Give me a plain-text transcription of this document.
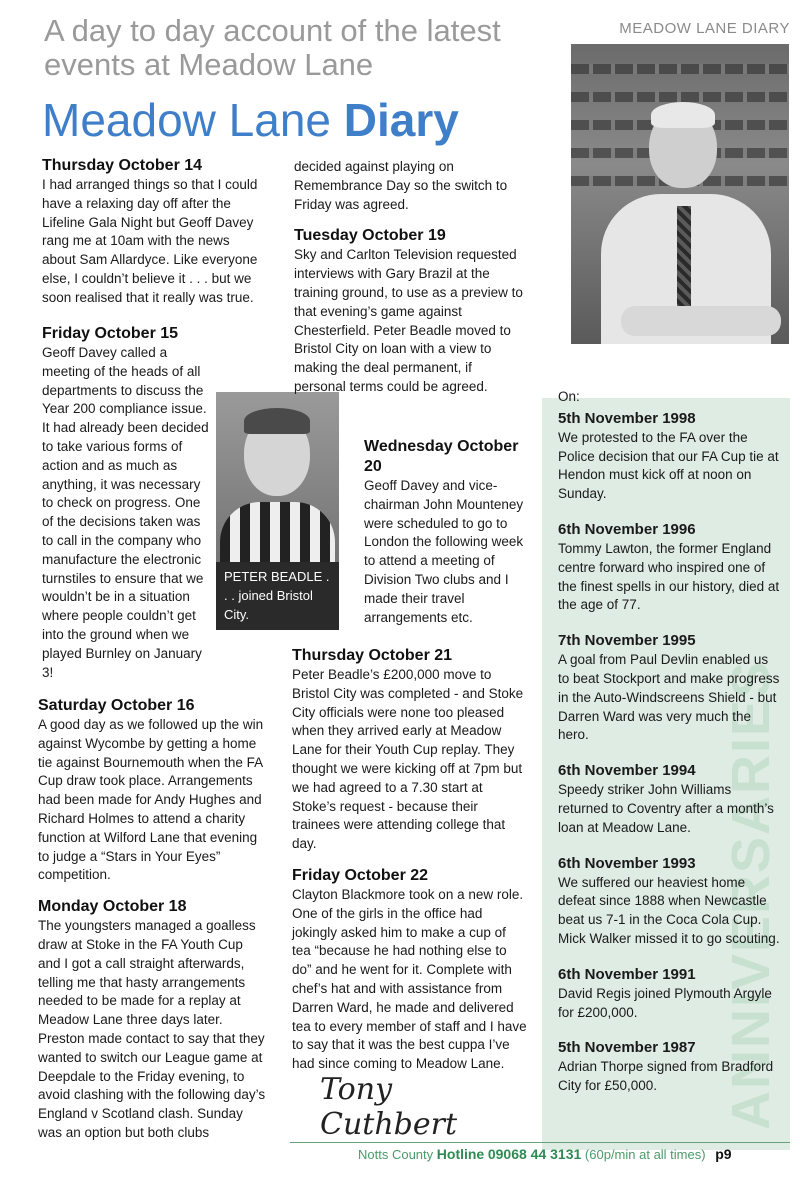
A day to day account of the latest events at Meadow Lane
MEADOW LANE DIARY
Meadow Lane Diary
Thursday October 14
I had arranged things so that I could have a relaxing day off after the Lifeline Gala Night but Geoff Davey rang me at 10am with the news about Sam Allardyce. Like everyone else, I couldn’t believe it . . . but we soon realised that it really was true.
Friday October 15
Geoff Davey called a meeting of the heads of all departments to discuss the Year 200 compliance issue. It had already been decided to take various forms of action and as much as anything, it was necessary to check on progress. One of the decisions taken was to call in the company who manufacture the electronic turnstiles to ensure that we wouldn’t be in a situation where people couldn’t get into the ground when we played Burnley on January 3!
Saturday October 16
A good day as we followed up the win against Wycombe by getting a home tie against Bournemouth when the FA Cup draw took place. Arrangements had been made for Andy Hughes and Richard Holmes to attend a charity function at Wilford Lane that evening to judge a “Stars in Your Eyes” competition.
Monday October 18
The youngsters managed a goalless draw at Stoke in the FA Youth Cup and I got a call straight afterwards, telling me that hasty arrangements needed to be made for a replay at Meadow Lane three days later. Preston made contact to say that they wanted to switch our League game at Deepdale to the Friday evening, to avoid clashing with the following day’s England v Scotland clash. Sunday was an option but both clubs
PETER BEADLE . . . joined Bristol City.
decided against playing on Remembrance Day so the switch to Friday was agreed.
Tuesday October 19
Sky and Carlton Television requested interviews with Gary Brazil at the training ground, to use as a preview to that evening’s game against Chesterfield. Peter Beadle moved to Bristol City on loan with a view to making the deal permanent, if personal terms could be agreed.
Wednesday October 20
Geoff Davey and vice-chairman John Mounteney were scheduled to go to London the following week to attend a meeting of Division Two clubs and I made their travel arrangements etc.
Thursday October 21
Peter Beadle’s £200,000 move to Bristol City was completed - and Stoke City officials were none too pleased when they arrived early at Meadow Lane for their Youth Cup replay. They thought we were kicking off at 7pm but we had agreed to a 7.30 start at Stoke’s request - because their trainees were attending college that day.
Friday October 22
Clayton Blackmore took on a new role. One of the girls in the office had jokingly asked him to make a cup of tea “because he had nothing else to do” and he went for it. Complete with chef’s hat and with assistance from Darren Ward, he made and delivered tea to every member of staff and I have to say that it was the best cuppa I’ve had since coming to Meadow Lane.
Tony Cuthbert	ANNIVERSARIES
On:
5th November 1998
We protested to the FA over the Police decision that our FA Cup tie at Hendon must kick off at noon on Sunday.
6th November 1996
Tommy Lawton, the former England centre forward who inspired one of the finest spells in our history, died at the age of 77.
7th November 1995
A goal from Paul Devlin enabled us to beat Stockport and make progress in the Auto-Windscreens Shield - but Darren Ward was very much the hero.
6th November 1994
Speedy striker John Williams returned to Coventry after a month’s loan at Meadow Lane.
6th November 1993
We suffered our heaviest home defeat since 1888 when Newcastle beat us 7-1 in the Coca Cola Cup. Mick Walker missed it to go scouting.
6th November 1991
David Regis joined Plymouth Argyle for £200,000.
5th November 1987
Adrian Thorpe signed from Bradford City for £50,000.
Notts County Hotline 09068 44 3131 (60p/min at all times) p9
